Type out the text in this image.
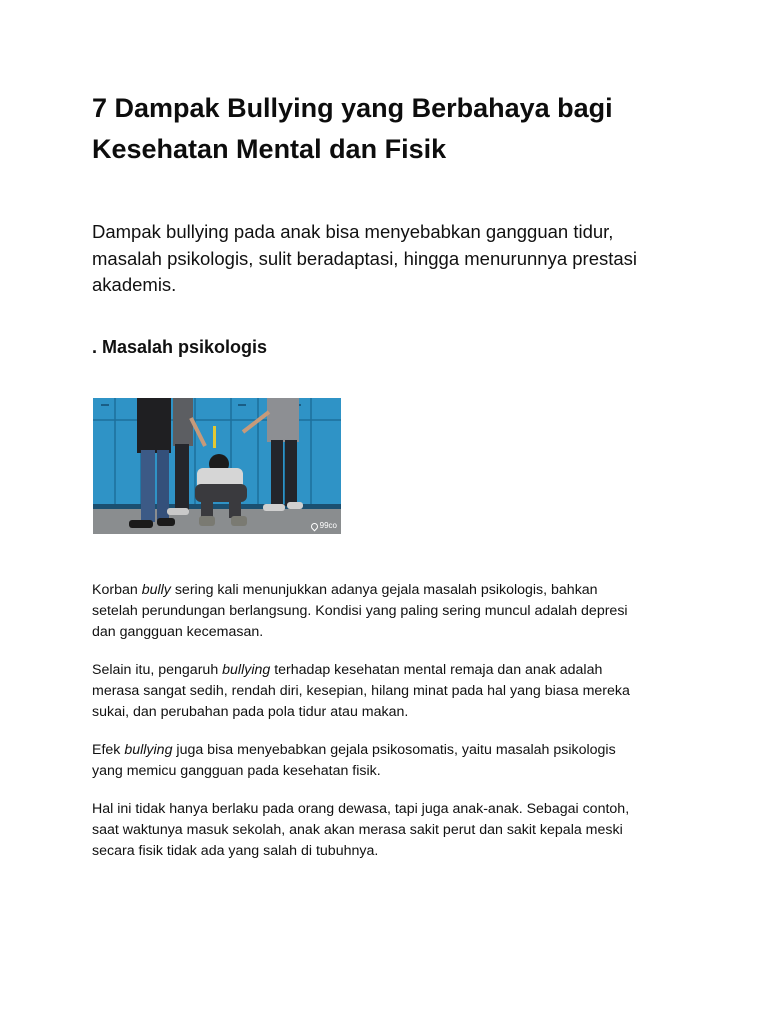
7 Dampak Bullying yang Berbahaya bagi
Kesehatan Mental dan Fisik

Dampak bullying pada anak bisa menyebabkan gangguan tidur,
masalah psikologis, sulit beradaptasi, hingga menurunnya prestasi
akademis.

. Masalah psikologis
99co

Korban bully sering kali menunjukkan adanya gejala masalah psikologis, bahkan
setelah perundungan berlangsung. Kondisi yang paling sering muncul adalah depresi
dan gangguan kecemasan.

Selain itu, pengaruh bullying terhadap kesehatan mental remaja dan anak adalah
merasa sangat sedih, rendah diri, kesepian, hilang minat pada hal yang biasa mereka
sukai, dan perubahan pada pola tidur atau makan.

Efek bullying juga bisa menyebabkan gejala psikosomatis, yaitu masalah psikologis
yang memicu gangguan pada kesehatan fisik.

Hal ini tidak hanya berlaku pada orang dewasa, tapi juga anak-anak. Sebagai contoh,
saat waktunya masuk sekolah, anak akan merasa sakit perut dan sakit kepala meski
secara fisik tidak ada yang salah di tubuhnya.
